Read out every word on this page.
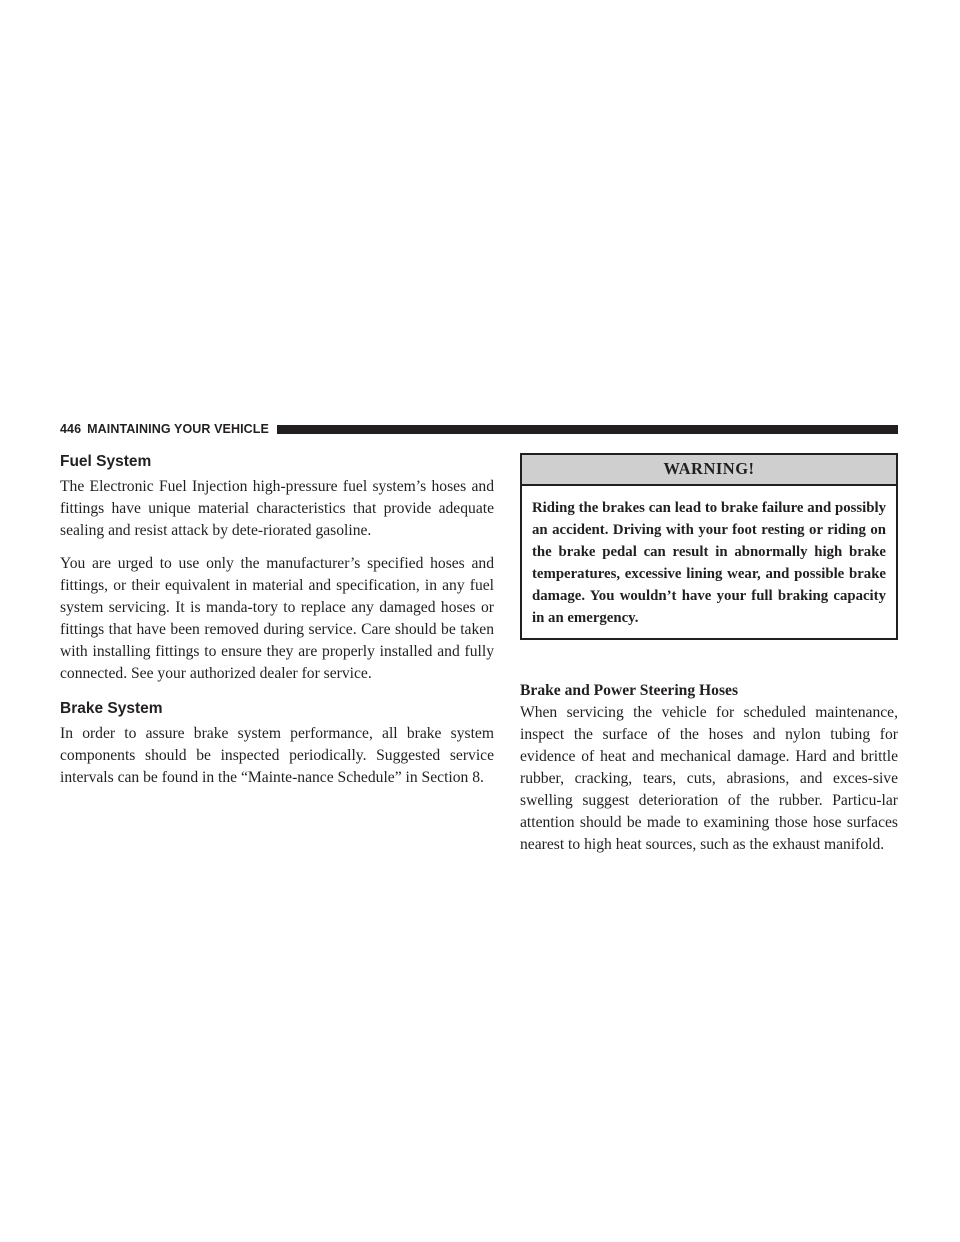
446 MAINTAINING YOUR VEHICLE
Fuel System

The Electronic Fuel Injection high-pressure fuel system’s hoses and fittings have unique material characteristics that provide adequate sealing and resist attack by dete-riorated gasoline.

You are urged to use only the manufacturer’s specified hoses and fittings, or their equivalent in material and specification, in any fuel system servicing. It is manda-tory to replace any damaged hoses or fittings that have been removed during service. Care should be taken with installing fittings to ensure they are properly installed and fully connected. See your authorized dealer for service.

Brake System

In order to assure brake system performance, all brake system components should be inspected periodically. Suggested service intervals can be found in the “Mainte-nance Schedule” in Section 8.

WARNING!
Riding the brakes can lead to brake failure and possibly an accident. Driving with your foot resting or riding on the brake pedal can result in abnormally high brake temperatures, excessive lining wear, and possible brake damage. You wouldn’t have your full braking capacity in an emergency.
Brake and Power Steering Hoses

When servicing the vehicle for scheduled maintenance, inspect the surface of the hoses and nylon tubing for evidence of heat and mechanical damage. Hard and brittle rubber, cracking, tears, cuts, abrasions, and exces-sive swelling suggest deterioration of the rubber. Particu-lar attention should be made to examining those hose surfaces nearest to high heat sources, such as the exhaust manifold.
